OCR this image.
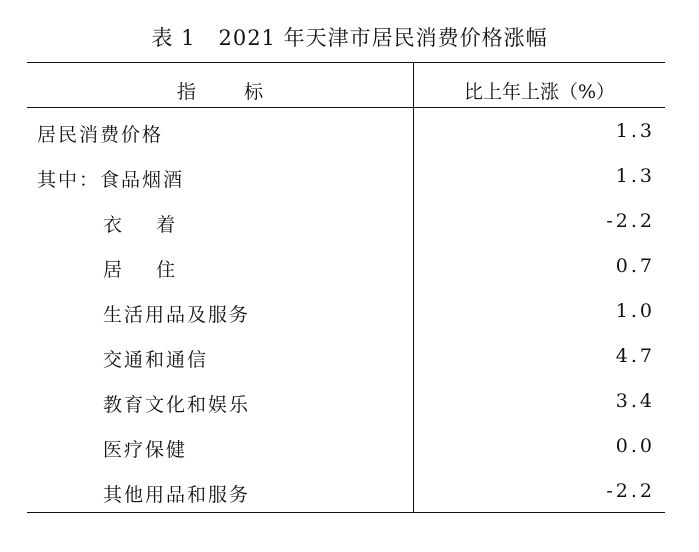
表 1   2021 年天津市居民消费价格涨幅
指        标	比上年上涨（%）
居民消费价格	1.3
其中：食品烟酒	1.3
衣    着	-2.2
居    住	0.7
生活用品及服务	1.0
交通和通信	4.7
教育文化和娱乐	3.4
医疗保健	0.0
其他用品和服务	-2.2
